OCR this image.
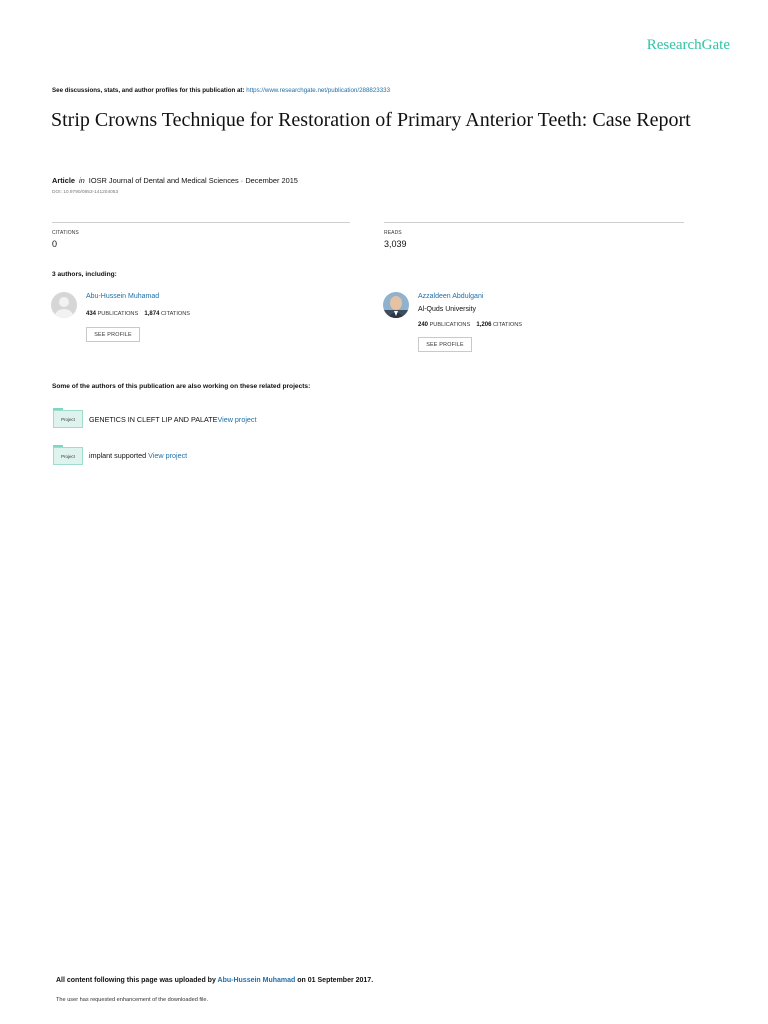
ResearchGate
See discussions, stats, and author profiles for this publication at: https://www.researchgate.net/publication/288823333
Strip Crowns Technique for Restoration of Primary Anterior Teeth: Case Report
Article in IOSR Journal of Dental and Medical Sciences · December 2015
DOI: 10.9790/0853-141204053
CITATIONS
0
READS
3,039
3 authors, including:
Abu-Hussein Muhamad
434 PUBLICATIONS 1,874 CITATIONS
SEE PROFILE
Azzaldeen Abdulgani
Al-Quds University
240 PUBLICATIONS 1,206 CITATIONS
SEE PROFILE
Some of the authors of this publication are also working on these related projects:
Project	GENETICS IN CLEFT LIP AND PALATEView project
Project	implant supported View project
All content following this page was uploaded by Abu-Hussein Muhamad on 01 September 2017.
The user has requested enhancement of the downloaded file.
